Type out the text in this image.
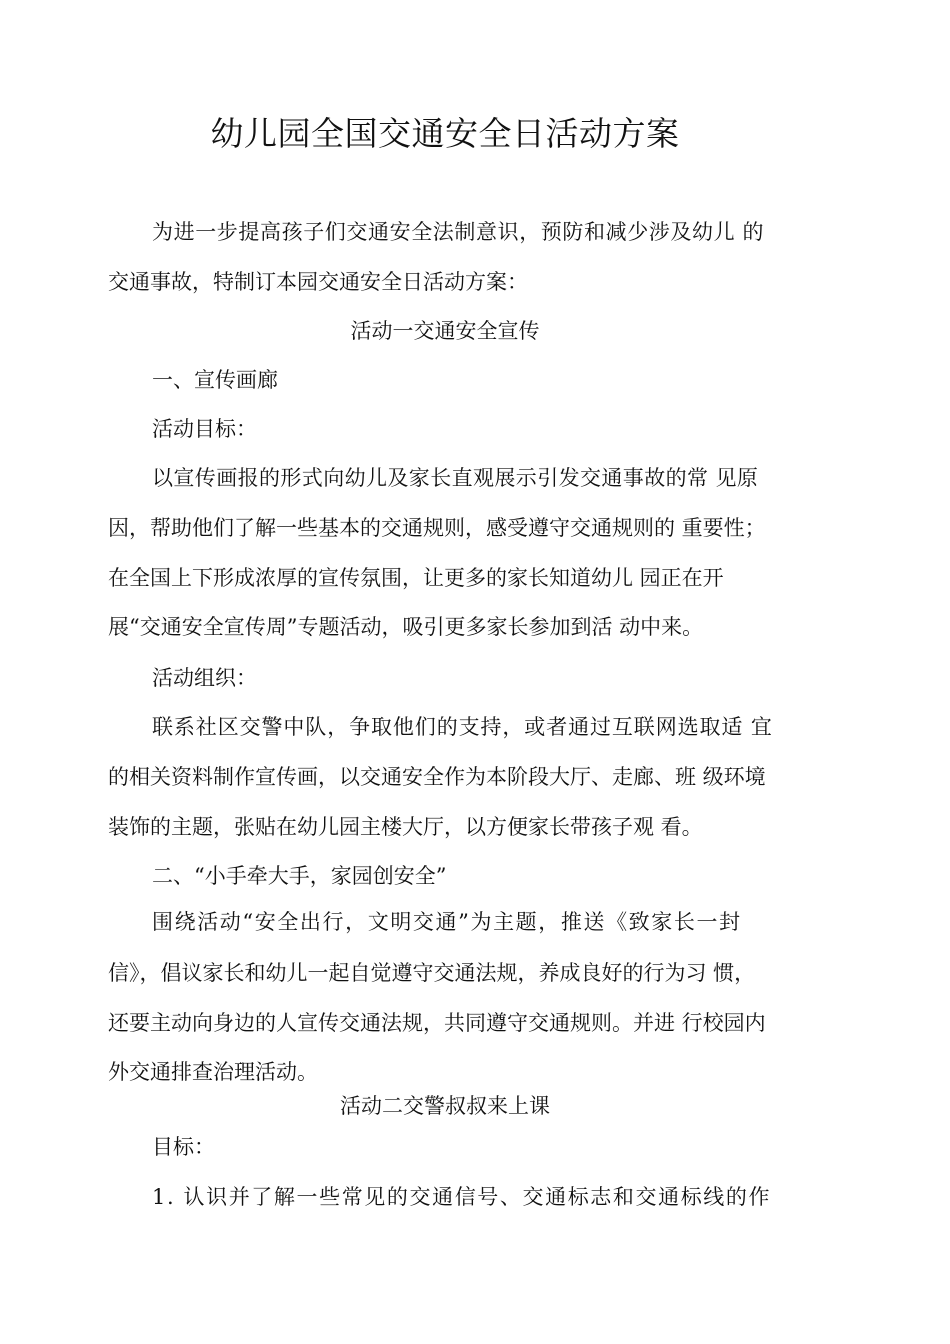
幼儿园全国交通安全日活动方案
为进一步提高孩子们交通安全法制意识，预防和减少涉及幼儿 的
交通事故，特制订本园交通安全日活动方案：
活动一交通安全宣传
一、宣传画廊
活动目标：
以宣传画报的形式向幼儿及家长直观展示引发交通事故的常 见原
因，帮助他们了解一些基本的交通规则，感受遵守交通规则的 重要性；
在全国上下形成浓厚的宣传氛围，让更多的家长知道幼儿 园正在开
展“交通安全宣传周”专题活动，吸引更多家长参加到活 动中来。
活动组织：
联系社区交警中队，争取他们的支持，或者通过互联网选取适 宜
的相关资料制作宣传画，以交通安全作为本阶段大厅、走廊、班 级环境
装饰的主题，张贴在幼儿园主楼大厅，以方便家长带孩子观 看。
二、“小手牵大手，家园创安全”
围绕活动“安全出行，文明交通”为主题，推送《致家长一封
信》，倡议家长和幼儿一起自觉遵守交通法规，养成良好的行为习 惯，
还要主动向身边的人宣传交通法规，共同遵守交通规则。并进 行校园内
外交通排查治理活动。
活动二交警叔叔来上课
目标：
1. 认识并了解一些常见的交通信号、交通标志和交通标线的作
